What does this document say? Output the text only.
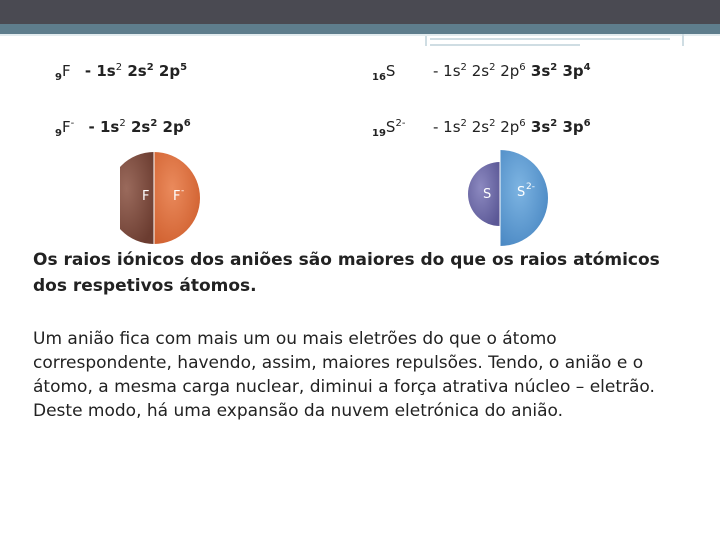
$_9F - 1s^2$ $2s^2$ $2p^5$
$_9F^- - 1s^2$ $2s^2$ $2p^6$
$_{16}$S	- $1s^2$ $2s^2$ $2p^6$ $3s^2$ $3p^4$
$_{19}S^{2-} - 1s^2$ $2s^2$ $2p^6$ $3s^2$ $3p^6$
F F -	S S 2-
Os raios iónicos dos aniões são maiores do que os raios atómicos dos respetivos átomos.
Um anião fica com mais um ou mais eletrões do que o átomo correspondente, havendo, assim, maiores repulsões. Tendo, o anião e o átomo, a mesma carga nuclear, diminui a força atrativa núcleo – eletrão. Deste modo, há uma expansão da nuvem eletrónica do anião.
